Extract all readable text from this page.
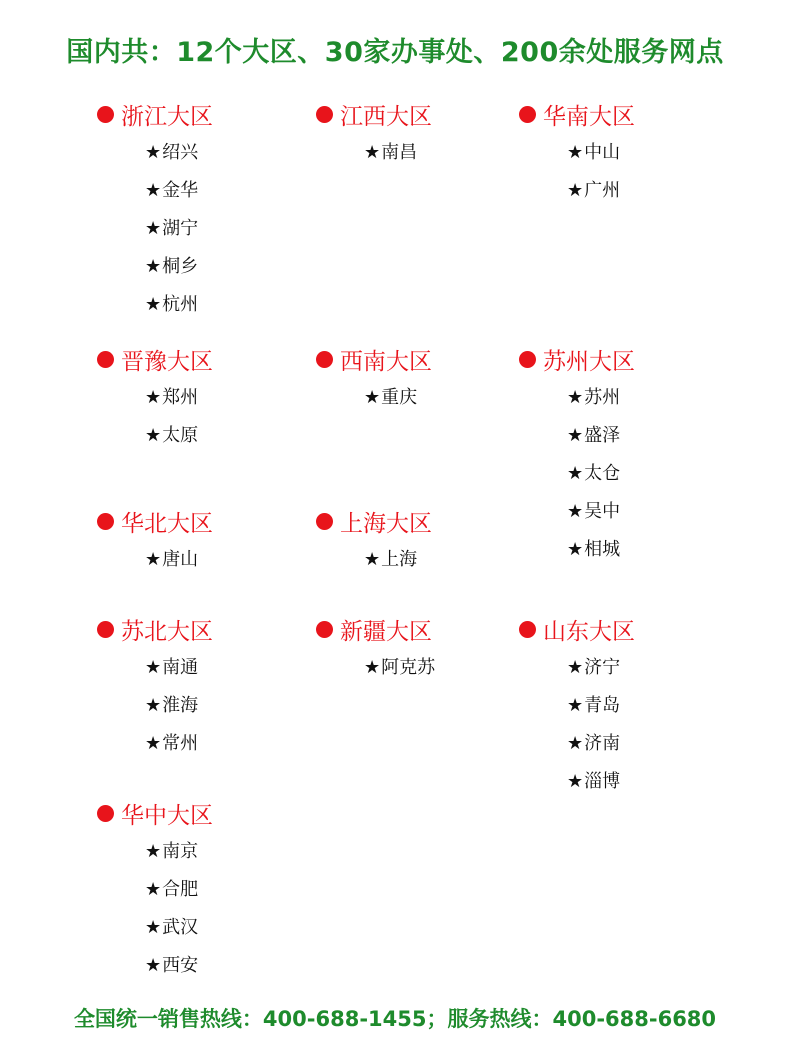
国内共：12个大区、30家办事处、200余处服务网点
浙江大区
★绍兴
★金华
★湖宁
★桐乡
★杭州
江西大区
★南昌
华南大区
★中山
★广州
晋豫大区
★郑州
★太原
西南大区
★重庆
苏州大区
★苏州
★盛泽
★太仓
★吴中
★相城
华北大区
★唐山
上海大区
★上海
苏北大区
★南通
★淮海
★常州
新疆大区
★阿克苏
山东大区
★济宁
★青岛
★济南
★淄博
华中大区
★南京
★合肥
★武汉
★西安
全国统一销售热线：400-688-1455；服务热线：400-688-6680
